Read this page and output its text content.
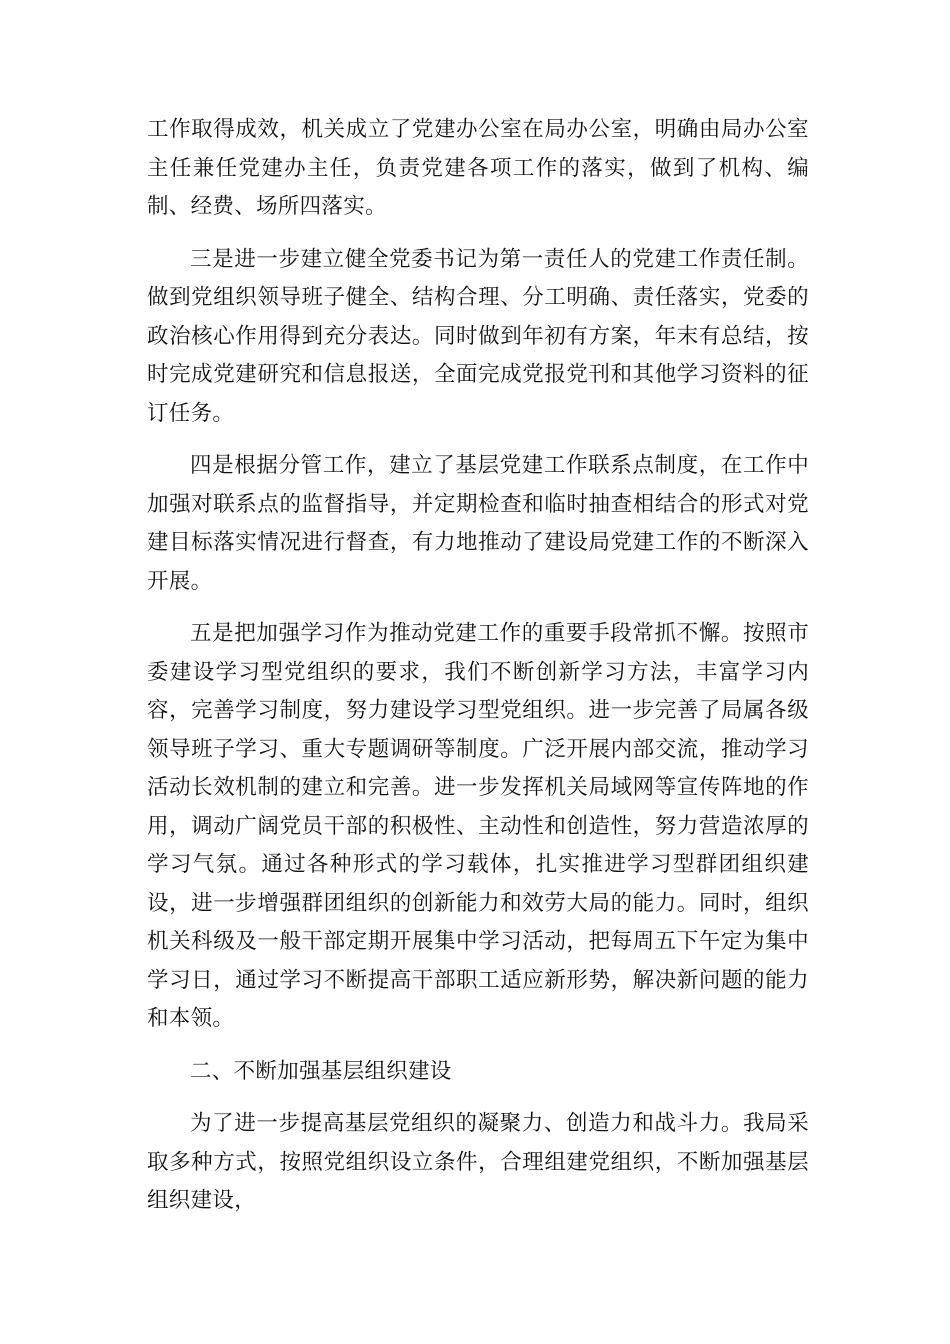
工作取得成效，机关成立了党建办公室在局办公室，明确由局办公室主任兼任党建办主任，负责党建各项工作的落实，做到了机构、编制、经费、场所四落实。

三是进一步建立健全党委书记为第一责任人的党建工作责任制。做到党组织领导班子健全、结构合理、分工明确、责任落实，党委的政治核心作用得到充分表达。同时做到年初有方案，年末有总结，按时完成党建研究和信息报送，全面完成党报党刊和其他学习资料的征订任务。

四是根据分管工作，建立了基层党建工作联系点制度，在工作中加强对联系点的监督指导，并定期检查和临时抽查相结合的形式对党建目标落实情况进行督查，有力地推动了建设局党建工作的不断深入开展。

五是把加强学习作为推动党建工作的重要手段常抓不懈。按照市委建设学习型党组织的要求，我们不断创新学习方法，丰富学习内容，完善学习制度，努力建设学习型党组织。进一步完善了局属各级领导班子学习、重大专题调研等制度。广泛开展内部交流，推动学习活动长效机制的建立和完善。进一步发挥机关局域网等宣传阵地的作用，调动广阔党员干部的积极性、主动性和创造性，努力营造浓厚的学习气氛。通过各种形式的学习载体，扎实推进学习型群团组织建设，进一步增强群团组织的创新能力和效劳大局的能力。同时，组织机关科级及一般干部定期开展集中学习活动，把每周五下午定为集中学习日，通过学习不断提高干部职工适应新形势，解决新问题的能力和本领。

二、不断加强基层组织建设

为了进一步提高基层党组织的凝聚力、创造力和战斗力。我局采取多种方式，按照党组织设立条件，合理组建党组织，不断加强基层组织建设，
